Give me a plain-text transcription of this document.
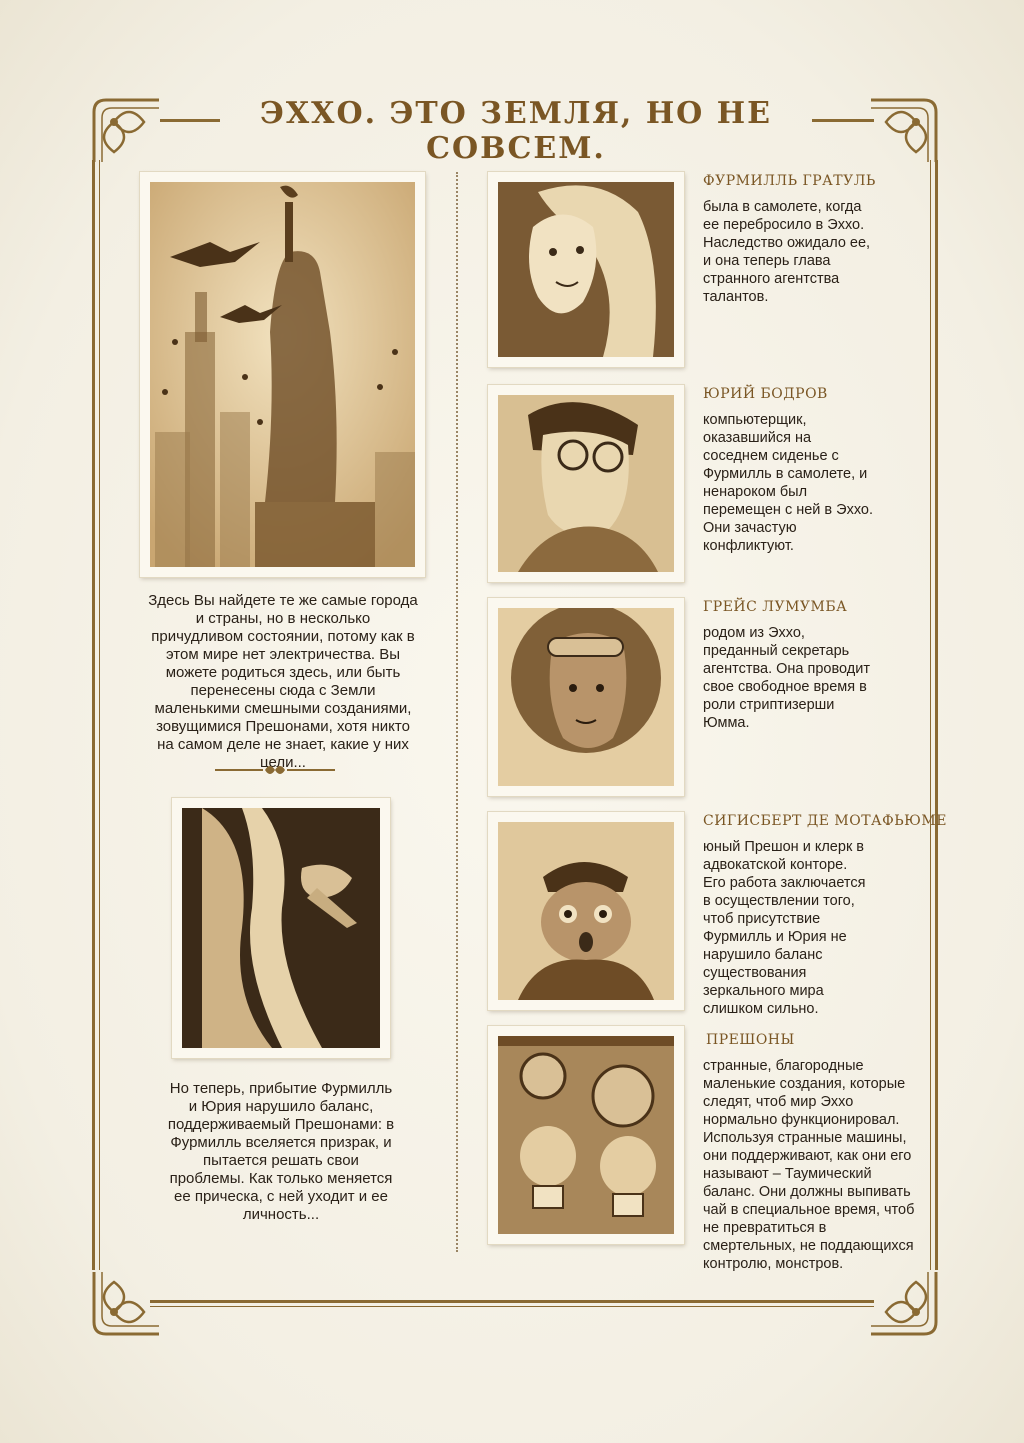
ЭХХО. ЭТО ЗЕМЛЯ, НО НЕ СОВСЕМ.
Здесь Вы найдете те же самые города и страны, но в несколько причудливом состоянии, потому как в этом мире нет электричества. Вы можете родиться здесь, или быть перенесены сюда с Земли маленькими смешными созданиями, зовущимися Прешонами, хотя никто на самом деле не знает, какие у них цели...
Но теперь, прибытие Фурмилль и Юрия нарушило баланс, поддерживаемый Прешонами: в Фурмилль вселяется призрак, и пытается решать свои проблемы. Как только меняется ее прическа, с ней уходит и ее личность...
ФУРМИЛЛЬ ГРАТУЛЬ
была в самолете, когда ее перебросило в Эххо. Наследство ожидало ее, и она теперь глава странного агентства талантов.
ЮРИЙ БОДРОВ
компьютерщик, оказавшийся на соседнем сиденье с Фурмилль в самолете, и ненароком был перемещен с ней в Эххо. Они зачастую конфликтуют.
ГРЕЙС ЛУМУМБА
родом из Эххо, преданный секретарь агентства. Она проводит свое свободное время в роли стриптизерши Юмма.
СИГИСБЕРТ ДЕ МОТАФЬЮМЕ
юный Прешон и клерк в адвокатской конторе. Его работа заключается в осуществлении того, чтоб присутствие Фурмилль и Юрия не нарушило баланс существования зеркального мира слишком сильно.
ПРЕШОНЫ
странные, благородные маленькие создания, которые следят, чтоб мир Эххо нормально функционировал. Используя странные машины, они поддерживают, как они его называют – Таумический баланс. Они должны выпивать чай в специальное время, чтоб не превратиться в смертельных, не поддающихся контролю, монстров.
